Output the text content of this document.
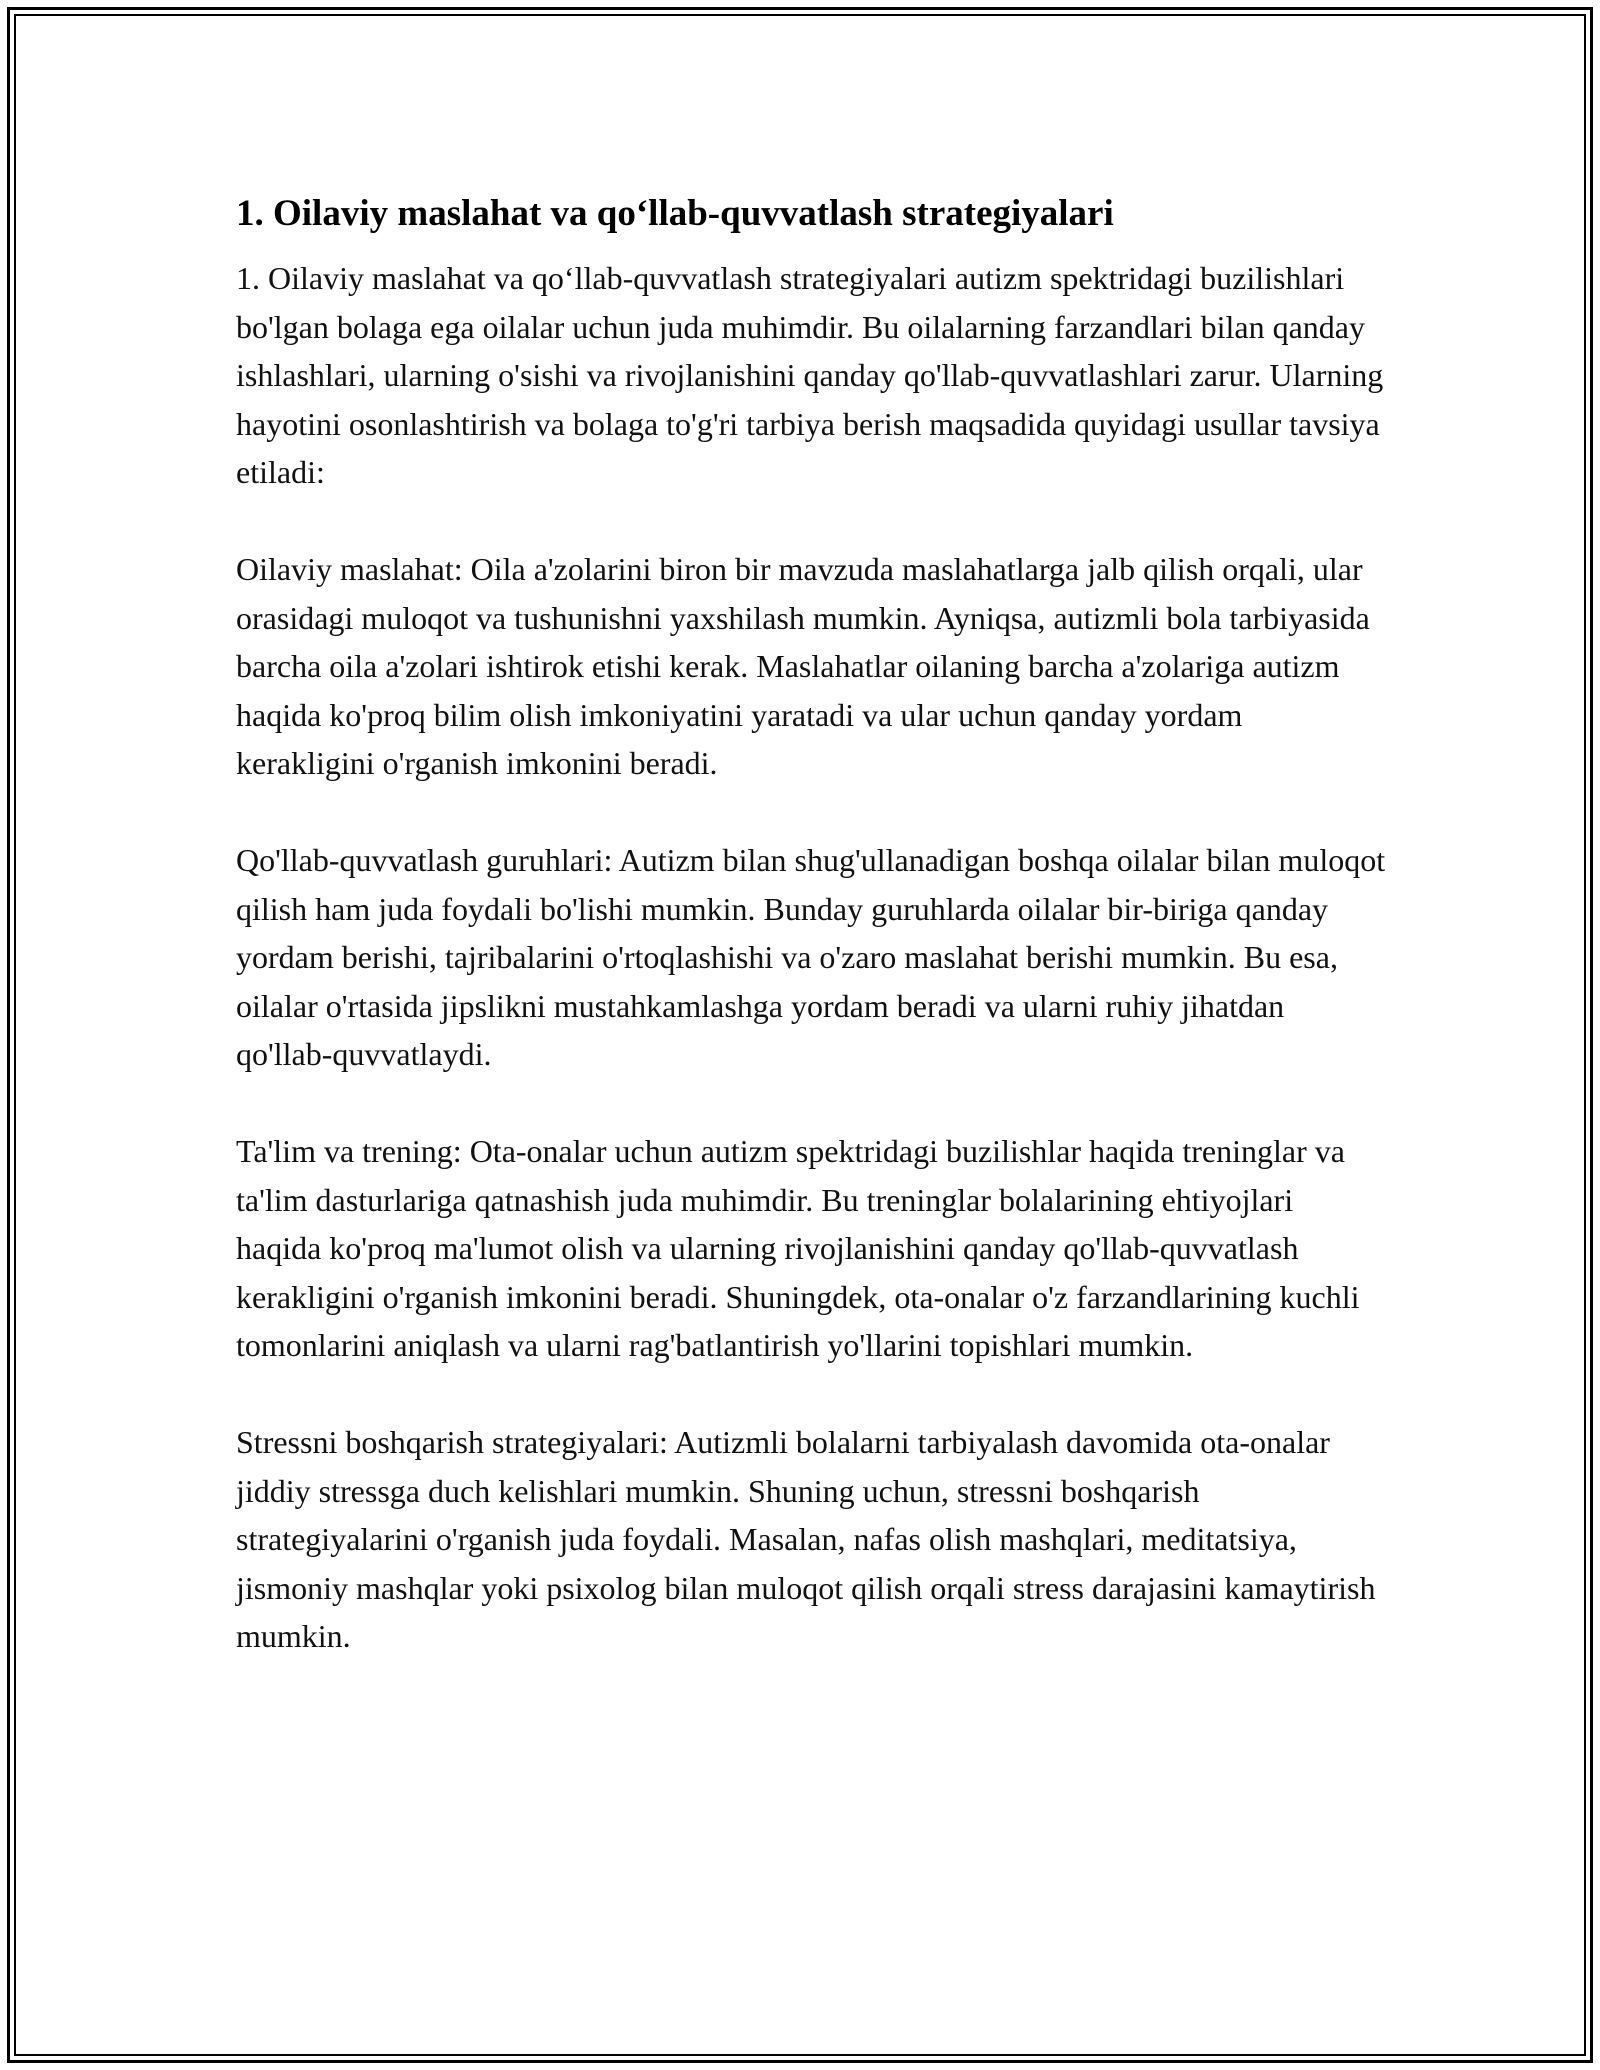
1. Oilaviy maslahat va qo‘llab-quvvatlash strategiyalari

1. Oilaviy maslahat va qo‘llab-quvvatlash strategiyalari autizm spektridagi buzilishlari bo'lgan bolaga ega oilalar uchun juda muhimdir. Bu oilalarning farzandlari bilan qanday ishlashlari, ularning o'sishi va rivojlanishini qanday qo'llab-quvvatlashlari zarur. Ularning hayotini osonlashtirish va bolaga to'g'ri tarbiya berish maqsadida quyidagi usullar tavsiya etiladi:

Oilaviy maslahat: Oila a'zolarini biron bir mavzuda maslahatlarga jalb qilish orqali, ular orasidagi muloqot va tushunishni yaxshilash mumkin. Ayniqsa, autizmli bola tarbiyasida barcha oila a'zolari ishtirok etishi kerak. Maslahatlar oilaning barcha a'zolariga autizm haqida ko'proq bilim olish imkoniyatini yaratadi va ular uchun qanday yordam kerakligini o'rganish imkonini beradi.

Qo'llab-quvvatlash guruhlari: Autizm bilan shug'ullanadigan boshqa oilalar bilan muloqot qilish ham juda foydali bo'lishi mumkin. Bunday guruhlarda oilalar bir-biriga qanday yordam berishi, tajribalarini o'rtoqlashishi va o'zaro maslahat berishi mumkin. Bu esa, oilalar o'rtasida jipslikni mustahkamlashga yordam beradi va ularni ruhiy jihatdan qo'llab-quvvatlaydi.

Ta'lim va trening: Ota-onalar uchun autizm spektridagi buzilishlar haqida treninglar va ta'lim dasturlariga qatnashish juda muhimdir. Bu treninglar bolalarining ehtiyojlari haqida ko'proq ma'lumot olish va ularning rivojlanishini qanday qo'llab-quvvatlash kerakligini o'rganish imkonini beradi. Shuningdek, ota-onalar o'z farzandlarining kuchli tomonlarini aniqlash va ularni rag'batlantirish yo'llarini topishlari mumkin.

Stressni boshqarish strategiyalari: Autizmli bolalarni tarbiyalash davomida ota-onalar jiddiy stressga duch kelishlari mumkin. Shuning uchun, stressni boshqarish strategiyalarini o'rganish juda foydali. Masalan, nafas olish mashqlari, meditatsiya, jismoniy mashqlar yoki psixolog bilan muloqot qilish orqali stress darajasini kamaytirish mumkin.
